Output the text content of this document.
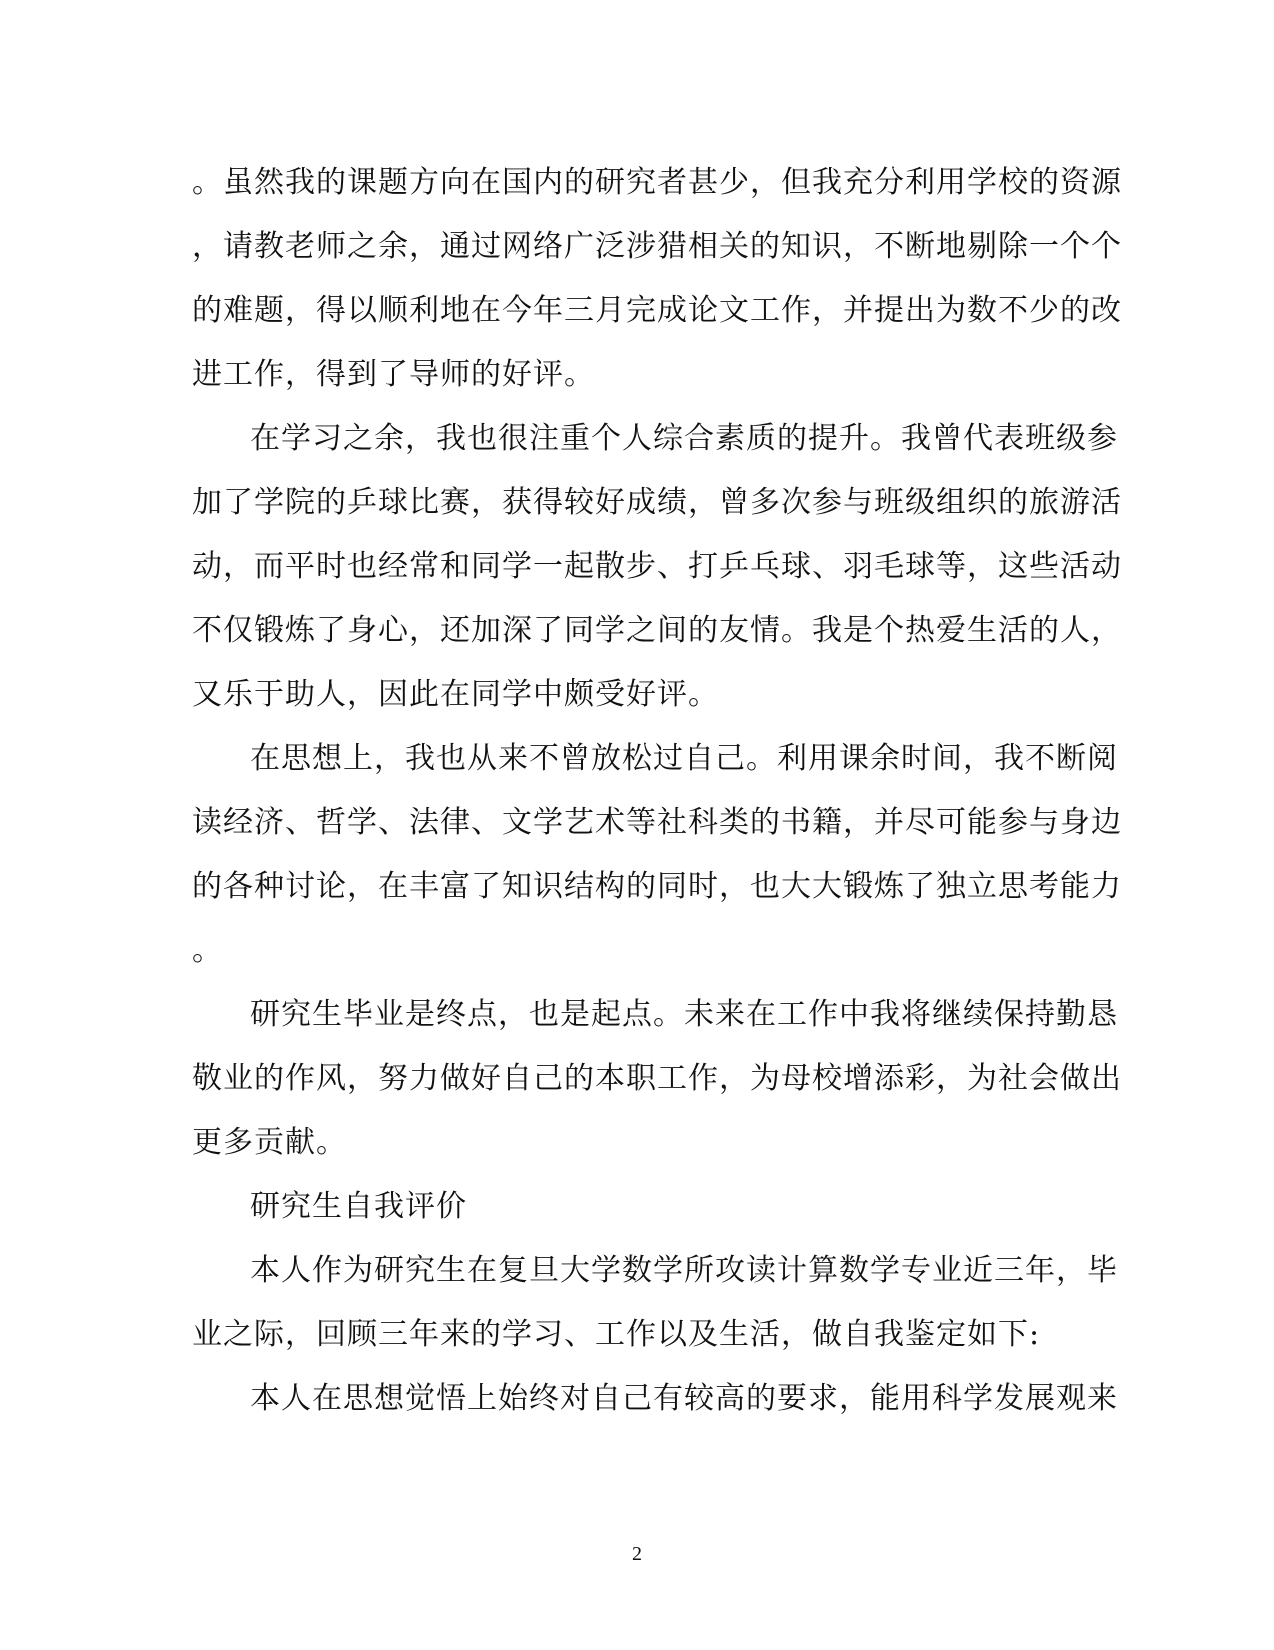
。虽然我的课题方向在国内的研究者甚少，但我充分利用学校的资源
，请教老师之余，通过网络广泛涉猎相关的知识，不断地剔除一个个
的难题，得以顺利地在今年三月完成论文工作，并提出为数不少的改
进工作，得到了导师的好评。
在学习之余，我也很注重个人综合素质的提升。我曾代表班级参
加了学院的乒球比赛，获得较好成绩，曾多次参与班级组织的旅游活
动，而平时也经常和同学一起散步、打乒乓球、羽毛球等，这些活动
不仅锻炼了身心，还加深了同学之间的友情。我是个热爱生活的人，
又乐于助人，因此在同学中颇受好评。
在思想上，我也从来不曾放松过自己。利用课余时间，我不断阅
读经济、哲学、法律、文学艺术等社科类的书籍，并尽可能参与身边
的各种讨论，在丰富了知识结构的同时，也大大锻炼了独立思考能力
。
研究生毕业是终点，也是起点。未来在工作中我将继续保持勤恳
敬业的作风，努力做好自己的本职工作，为母校增添彩，为社会做出
更多贡献。
研究生自我评价
本人作为研究生在复旦大学数学所攻读计算数学专业近三年，毕
业之际，回顾三年来的学习、工作以及生活，做自我鉴定如下:
本人在思想觉悟上始终对自己有较高的要求，能用科学发展观来
2
